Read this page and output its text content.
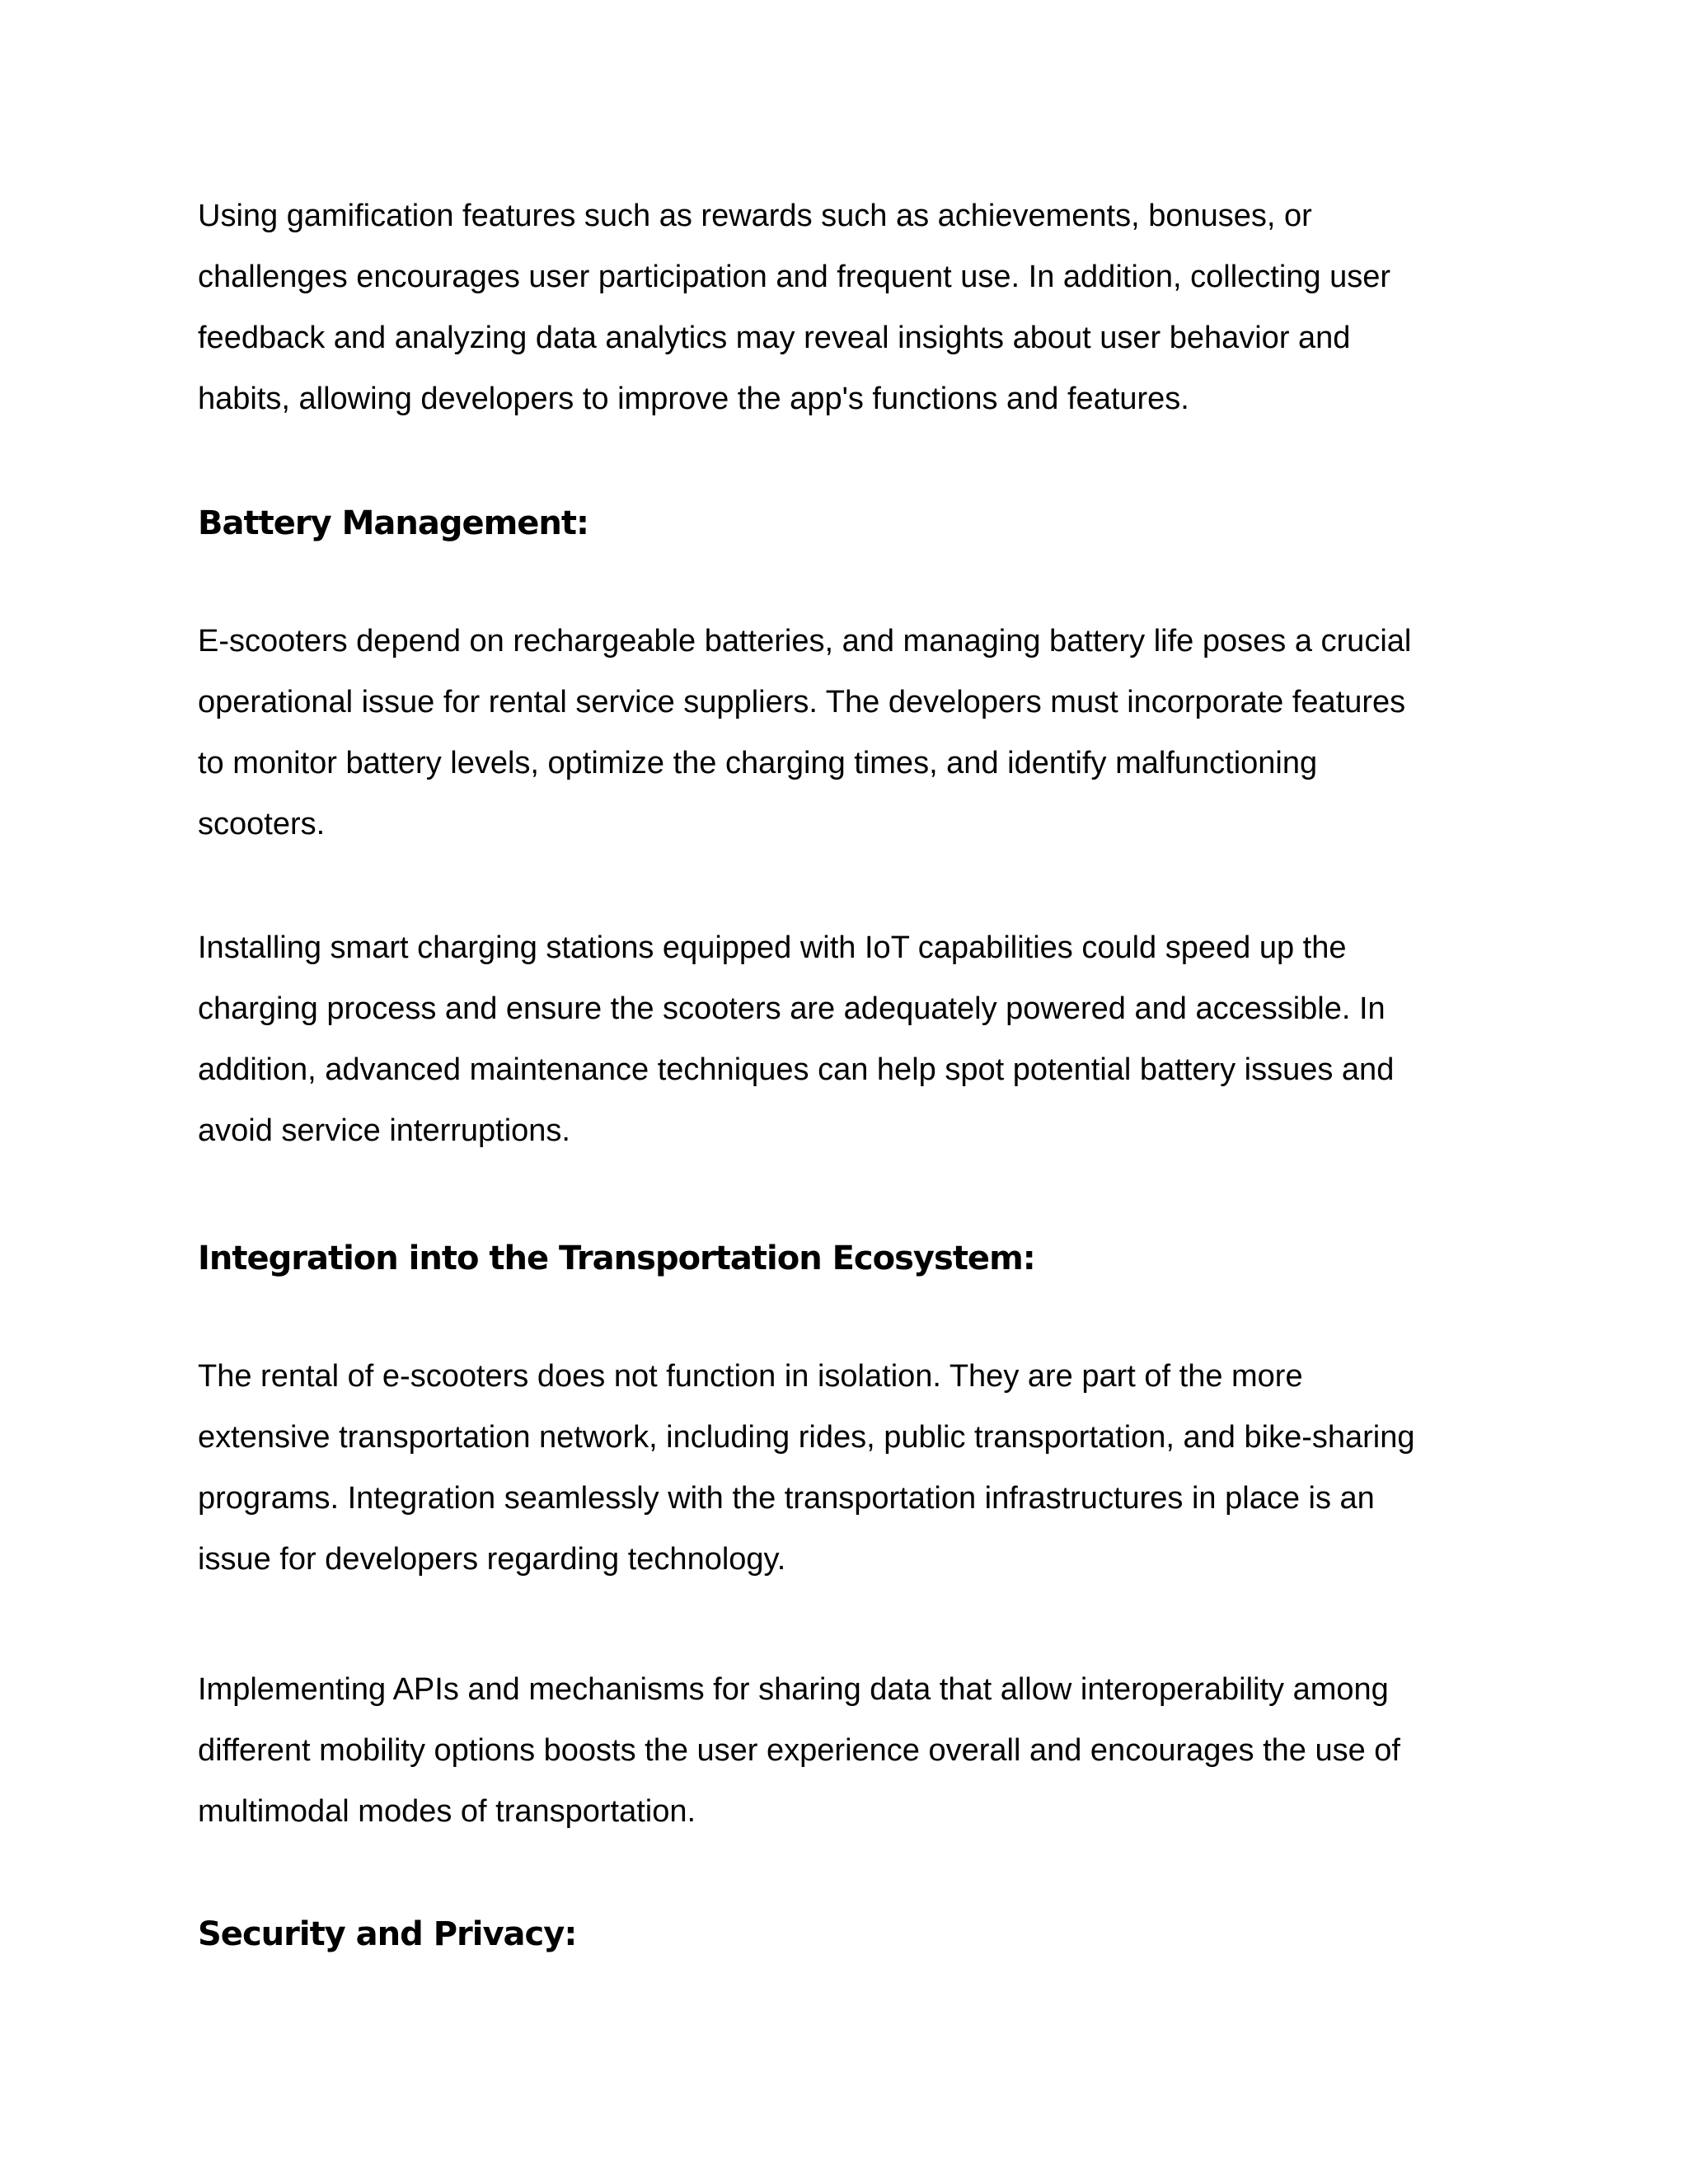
Using gamification features such as rewards such as achievements, bonuses, or
challenges encourages user participation and frequent use. In addition, collecting user
feedback and analyzing data analytics may reveal insights about user behavior and
habits, allowing developers to improve the app's functions and features.

Battery Management:

E-scooters depend on rechargeable batteries, and managing battery life poses a crucial
operational issue for rental service suppliers. The developers must incorporate features
to monitor battery levels, optimize the charging times, and identify malfunctioning
scooters.

Installing smart charging stations equipped with IoT capabilities could speed up the
charging process and ensure the scooters are adequately powered and accessible. In
addition, advanced maintenance techniques can help spot potential battery issues and
avoid service interruptions.

Integration into the Transportation Ecosystem:

The rental of e-scooters does not function in isolation. They are part of the more
extensive transportation network, including rides, public transportation, and bike-sharing
programs. Integration seamlessly with the transportation infrastructures in place is an
issue for developers regarding technology.

Implementing APIs and mechanisms for sharing data that allow interoperability among
different mobility options boosts the user experience overall and encourages the use of
multimodal modes of transportation.

Security and Privacy:
